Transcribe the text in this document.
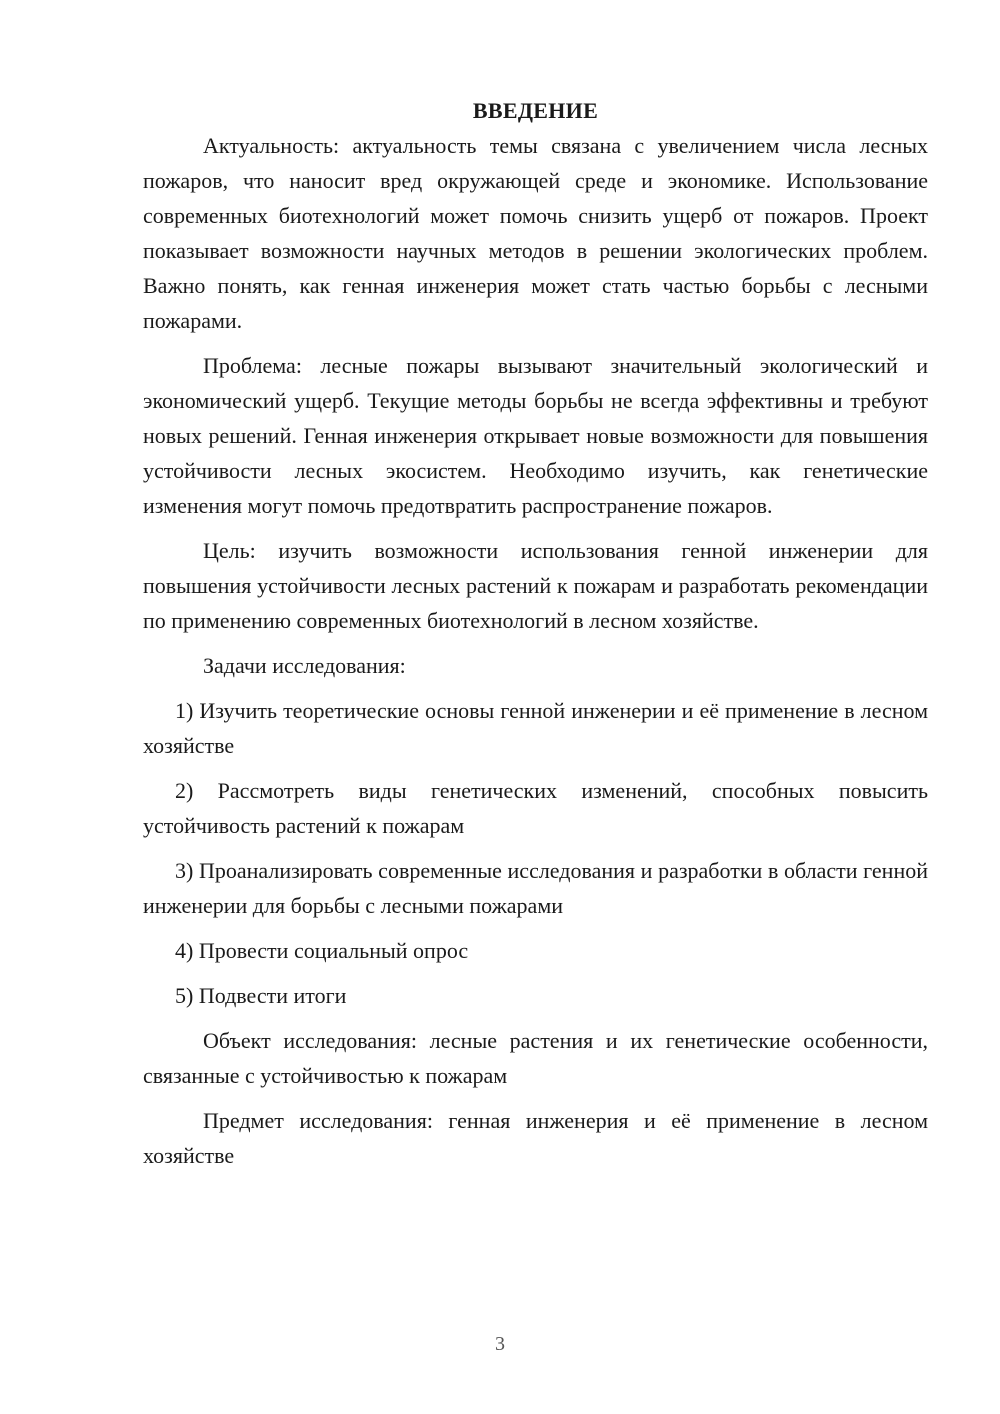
ВВЕДЕНИЕ

Актуальность: актуальность темы связана с увеличением числа лесных пожаров, что наносит вред окружающей среде и экономике. Использование современных биотехнологий может помочь снизить ущерб от пожаров. Проект показывает возможности научных методов в решении экологических проблем. Важно понять, как генная инженерия может стать частью борьбы с лесными пожарами.

Проблема: лесные пожары вызывают значительный экологический и экономический ущерб. Текущие методы борьбы не всегда эффективны и требуют новых решений. Генная инженерия открывает новые возможности для повышения устойчивости лесных экосистем. Необходимо изучить, как генетические изменения могут помочь предотвратить распространение пожаров.

Цель: изучить возможности использования генной инженерии для повышения устойчивости лесных растений к пожарам и разработать рекомендации по применению современных биотехнологий в лесном хозяйстве.

Задачи исследования:

1) Изучить теоретические основы генной инженерии и её применение в лесном хозяйстве

2) Рассмотреть виды генетических изменений, способных повысить устойчивость растений к пожарам

3) Проанализировать современные исследования и разработки в области генной инженерии для борьбы с лесными пожарами

4) Провести социальный опрос

5) Подвести итоги

Объект исследования: лесные растения и их генетические особенности, связанные с устойчивостью к пожарам

Предмет исследования: генная инженерия и её применение в лесном хозяйстве

3
